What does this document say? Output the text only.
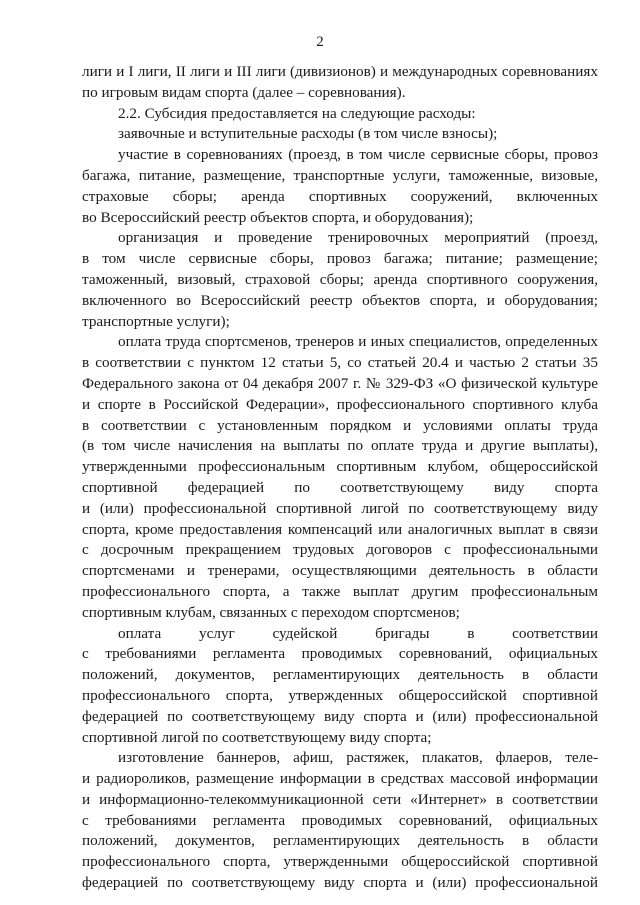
2
лиги и I лиги, II лиги и III лиги (дивизионов) и международных соревнованиях
по игровым видам спорта (далее – соревнования).
2.2. Субсидия предоставляется на следующие расходы:
заявочные и вступительные расходы (в том числе взносы);
участие в соревнованиях (проезд, в том числе сервисные сборы, провоз
багажа, питание, размещение, транспортные услуги, таможенные, визовые,
страховые сборы; аренда спортивных сооружений, включенных
во Всероссийский реестр объектов спорта, и оборудования);
организация и проведение тренировочных мероприятий (проезд,
в том числе сервисные сборы, провоз багажа; питание; размещение;
таможенный, визовый, страховой сборы; аренда спортивного сооружения,
включенного во Всероссийский реестр объектов спорта, и оборудования;
транспортные услуги);
оплата труда спортсменов, тренеров и иных специалистов, определенных
в соответствии с пунктом 12 статьи 5, со статьей 20.4 и частью 2 статьи 35
Федерального закона от 04 декабря 2007 г. № 329-ФЗ «О физической культуре
и спорте в Российской Федерации», профессионального спортивного клуба
в соответствии с установленным порядком и условиями оплаты труда
(в том числе начисления на выплаты по оплате труда и другие выплаты),
утвержденными профессиональным спортивным клубом, общероссийской
спортивной федерацией по соответствующему виду спорта
и (или) профессиональной спортивной лигой по соответствующему виду
спорта, кроме предоставления компенсаций или аналогичных выплат в связи
с досрочным прекращением трудовых договоров с профессиональными
спортсменами и тренерами, осуществляющими деятельность в области
профессионального спорта, а также выплат другим профессиональным
спортивным клубам, связанных с переходом спортсменов;
оплата услуг судейской бригады в соответствии
с требованиями регламента проводимых соревнований, официальных
положений, документов, регламентирующих деятельность в области
профессионального спорта, утвержденных общероссийской спортивной
федерацией по соответствующему виду спорта и (или) профессиональной
спортивной лигой по соответствующему виду спорта;
изготовление баннеров, афиш, растяжек, плакатов, флаеров, теле-
и радиороликов, размещение информации в средствах массовой информации
и информационно-телекоммуникационной сети «Интернет» в соответствии
с требованиями регламента проводимых соревнований, официальных
положений, документов, регламентирующих деятельность в области
профессионального спорта, утвержденными общероссийской спортивной
федерацией по соответствующему виду спорта и (или) профессиональной
